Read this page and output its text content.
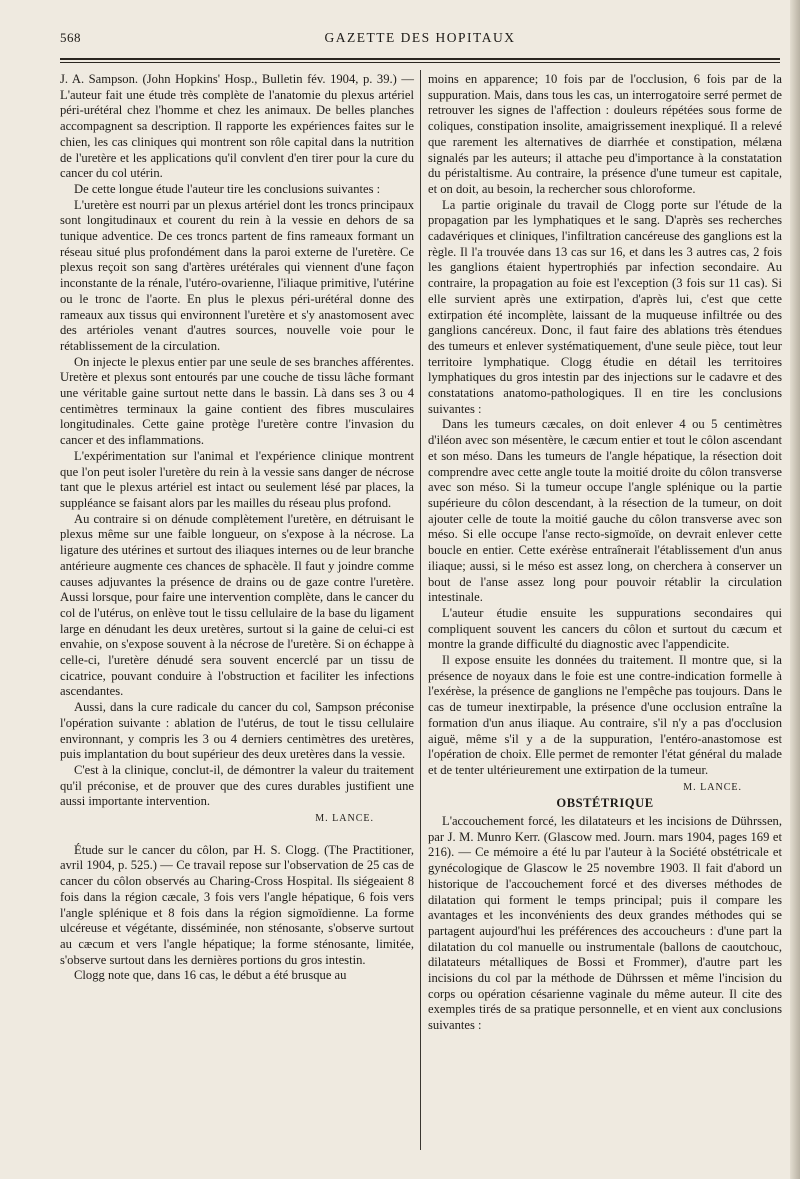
568	GAZETTE DES HOPITAUX

J. A. Sampson. (John Hopkins' Hosp., Bulletin fév. 1904, p. 39.) — L'auteur fait une étude très complète de l'anatomie du plexus artériel péri-urétéral chez l'homme et chez les animaux. De belles planches accompagnent sa description. Il rapporte les expériences faites sur le chien, les cas cliniques qui montrent son rôle capital dans la nutrition de l'uretère et les applications qu'il convlent d'en tirer pour la cure du cancer du col utérin.

De cette longue étude l'auteur tire les conclusions suivantes :

L'uretère est nourri par un plexus artériel dont les troncs principaux sont longitudinaux et courent du rein à la vessie en dehors de sa tunique adventice. De ces troncs partent de fins rameaux formant un réseau situé plus profondément dans la paroi externe de l'uretère. Ce plexus reçoit son sang d'artères urétérales qui viennent d'une façon inconstante de la rénale, l'utéro-ovarienne, l'iliaque primitive, l'utérine ou le tronc de l'aorte. En plus le plexus péri-urétéral donne des rameaux aux tissus qui environnent l'uretère et s'y anastomosent avec des artérioles venant d'autres sources, nouvelle voie pour le rétablissement de la circulation.

On injecte le plexus entier par une seule de ses branches afférentes. Uretère et plexus sont entourés par une couche de tissu lâche formant une véritable gaine surtout nette dans le bassin. Là dans ses 3 ou 4 centimètres terminaux la gaine contient des fibres musculaires longitudinales. Cette gaine protège l'uretère contre l'invasion du cancer et des inflammations.

L'expérimentation sur l'animal et l'expérience clinique montrent que l'on peut isoler l'uretère du rein à la vessie sans danger de nécrose tant que le plexus artériel est intact ou seulement lésé par places, la suppléance se faisant alors par les mailles du réseau plus profond.

Au contraire si on dénude complètement l'uretère, en détruisant le plexus même sur une faible longueur, on s'expose à la nécrose. La ligature des utérines et surtout des iliaques internes ou de leur branche antérieure augmente ces chances de sphacèle. Il faut y joindre comme causes adjuvantes la présence de drains ou de gaze contre l'uretère. Aussi lorsque, pour faire une intervention complète, dans le cancer du col de l'utérus, on enlève tout le tissu cellulaire de la base du ligament large en dénudant les deux uretères, surtout si la gaine de celui-ci est envahie, on s'expose souvent à la nécrose de l'uretère. Si on échappe à celle-ci, l'uretère dénudé sera souvent encerclé par un tissu de cicatrice, pouvant conduire à l'obstruction et faciliter les infections ascendantes.

Aussi, dans la cure radicale du cancer du col, Sampson préconise l'opération suivante : ablation de l'utérus, de tout le tissu cellulaire environnant, y compris les 3 ou 4 derniers centimètres des uretères, puis implantation du bout supérieur des deux uretères dans la vessie.

C'est à la clinique, conclut-il, de démontrer la valeur du traitement qu'il préconise, et de prouver que des cures durables justifient une aussi importante intervention.

M. LANCE.

Étude sur le cancer du côlon, par H. S. Clogg. (The Practitioner, avril 1904, p. 525.) — Ce travail repose sur l'observation de 25 cas de cancer du côlon observés au Charing-Cross Hospital. Ils siégeaient 8 fois dans la région cæcale, 3 fois vers l'angle hépatique, 6 fois vers l'angle splénique et 8 fois dans la région sigmoïdienne. La forme ulcéreuse et végétante, disséminée, non sténosante, s'observe surtout au cæcum et vers l'angle hépatique; la forme sténosante, limitée, s'observe surtout dans les dernières portions du gros intestin.

Clogg note que, dans 16 cas, le début a été brusque au

moins en apparence; 10 fois par de l'occlusion, 6 fois par de la suppuration. Mais, dans tous les cas, un interrogatoire serré permet de retrouver les signes de l'affection : douleurs répétées sous forme de coliques, constipation insolite, amaigrissement inexpliqué. Il a relevé que rarement les alternatives de diarrhée et constipation, mélæna signalés par les auteurs; il attache peu d'importance à la constatation du péristaltisme. Au contraire, la présence d'une tumeur est capitale, et on doit, au besoin, la rechercher sous chloroforme.

La partie originale du travail de Clogg porte sur l'étude de la propagation par les lymphatiques et le sang. D'après ses recherches cadavériques et cliniques, l'infiltration cancéreuse des ganglions est la règle. Il l'a trouvée dans 13 cas sur 16, et dans les 3 autres cas, 2 fois les ganglions étaient hypertrophiés par infection secondaire. Au contraire, la propagation au foie est l'exception (3 fois sur 11 cas). Si elle survient après une extirpation, d'après lui, c'est que cette extirpation été incomplète, laissant de la muqueuse infiltrée ou des ganglions cancéreux. Donc, il faut faire des ablations très étendues des tumeurs et enlever systématiquement, d'une seule pièce, tout leur territoire lymphatique. Clogg étudie en détail les territoires lymphatiques du gros intestin par des injections sur le cadavre et des constatations anatomo-pathologiques. Il en tire les conclusions suivantes :

Dans les tumeurs cæcales, on doit enlever 4 ou 5 centimètres d'iléon avec son mésentère, le cæcum entier et tout le côlon ascendant et son méso. Dans les tumeurs de l'angle hépatique, la résection doit comprendre avec cette angle toute la moitié droite du côlon transverse avec son méso. Si la tumeur occupe l'angle splénique ou la partie supérieure du côlon descendant, à la résection de la tumeur, on doit ajouter celle de toute la moitié gauche du côlon transverse avec son méso. Si elle occupe l'anse recto-sigmoïde, on devrait enlever cette boucle en entier. Cette exérèse entraînerait l'établissement d'un anus iliaque; aussi, si le méso est assez long, on cherchera à conserver un bout de l'anse assez long pour pouvoir rétablir la circulation intestinale.

L'auteur étudie ensuite les suppurations secondaires qui compliquent souvent les cancers du côlon et surtout du cæcum et montre la grande difficulté du diagnostic avec l'appendicite.

Il expose ensuite les données du traitement. Il montre que, si la présence de noyaux dans le foie est une contre-indication formelle à l'exérèse, la présence de ganglions ne l'empêche pas toujours. Dans le cas de tumeur inextirpable, la présence d'une occlusion entraîne la formation d'un anus iliaque. Au contraire, s'il n'y a pas d'occlusion aiguë, même s'il y a de la suppuration, l'entéro-anastomose est l'opération de choix. Elle permet de remonter l'état général du malade et de tenter ultérieurement une extirpation de la tumeur.

M. LANCE.
OBSTÉTRIQUE

L'accouchement forcé, les dilatateurs et les incisions de Dührssen, par J. M. Munro Kerr. (Glascow med. Journ. mars 1904, pages 169 et 216). — Ce mémoire a été lu par l'auteur à la Société obstétricale et gynécologique de Glascow le 25 novembre 1903. Il fait d'abord un historique de l'accouchement forcé et des diverses méthodes de dilatation qui forment le temps principal; puis il compare les avantages et les inconvénients des deux grandes méthodes qui se partagent aujourd'hui les préférences des accoucheurs : d'une part la dilatation du col manuelle ou instrumentale (ballons de caoutchouc, dilatateurs métalliques de Bossi et Frommer), d'autre part les incisions du col par la méthode de Dührssen et même l'incision du corps ou opération césarienne vaginale du même auteur. Il cite des exemples tirés de sa pratique personnelle, et en vient aux conclusions suivantes :
